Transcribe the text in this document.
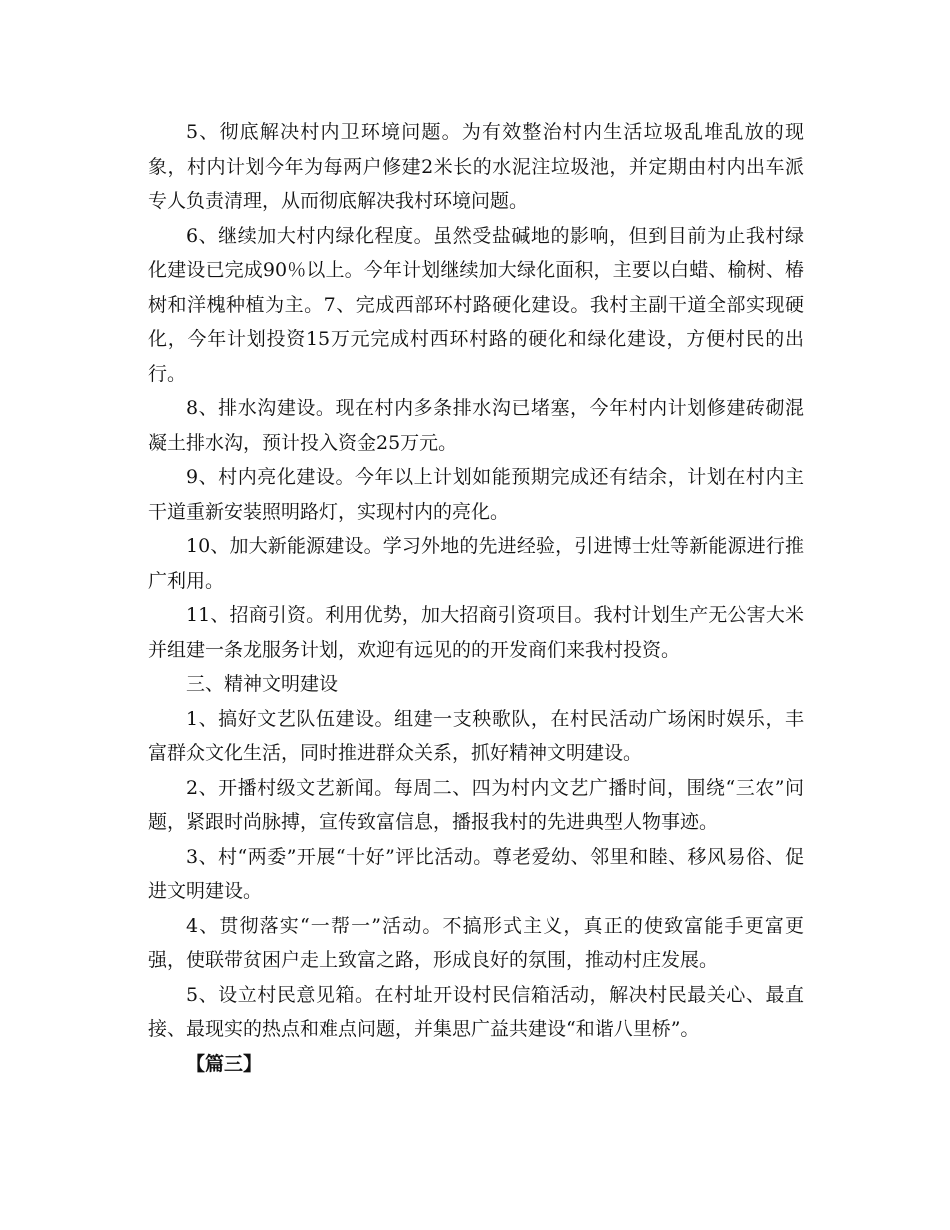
5、彻底解决村内卫环境问题。为有效整治村内生活垃圾乱堆乱放的现象，村内计划今年为每两户修建2米长的水泥注垃圾池，并定期由村内出车派专人负责清理，从而彻底解决我村环境问题。

6、继续加大村内绿化程度。虽然受盐碱地的影响，但到目前为止我村绿化建设已完成90％以上。今年计划继续加大绿化面积，主要以白蜡、榆树、椿树和洋槐种植为主。7、完成西部环村路硬化建设。我村主副干道全部实现硬化，今年计划投资15万元完成村西环村路的硬化和绿化建设，方便村民的出行。

8、排水沟建设。现在村内多条排水沟已堵塞，今年村内计划修建砖砌混凝土排水沟，预计投入资金25万元。

9、村内亮化建设。今年以上计划如能预期完成还有结余，计划在村内主干道重新安装照明路灯，实现村内的亮化。

10、加大新能源建设。学习外地的先进经验，引进博士灶等新能源进行推广利用。

11、招商引资。利用优势，加大招商引资项目。我村计划生产无公害大米并组建一条龙服务计划，欢迎有远见的的开发商们来我村投资。

三、精神文明建设

1、搞好文艺队伍建设。组建一支秧歌队，在村民活动广场闲时娱乐，丰富群众文化生活，同时推进群众关系，抓好精神文明建设。

2、开播村级文艺新闻。每周二、四为村内文艺广播时间，围绕“三农”问题，紧跟时尚脉搏，宣传致富信息，播报我村的先进典型人物事迹。

3、村“两委”开展“十好”评比活动。尊老爱幼、邻里和睦、移风易俗、促进文明建设。

4、贯彻落实“一帮一”活动。不搞形式主义，真正的使致富能手更富更强，使联带贫困户走上致富之路，形成良好的氛围，推动村庄发展。

5、设立村民意见箱。在村址开设村民信箱活动，解决村民最关心、最直接、最现实的热点和难点问题，并集思广益共建设“和谐八里桥”。

【篇三】
